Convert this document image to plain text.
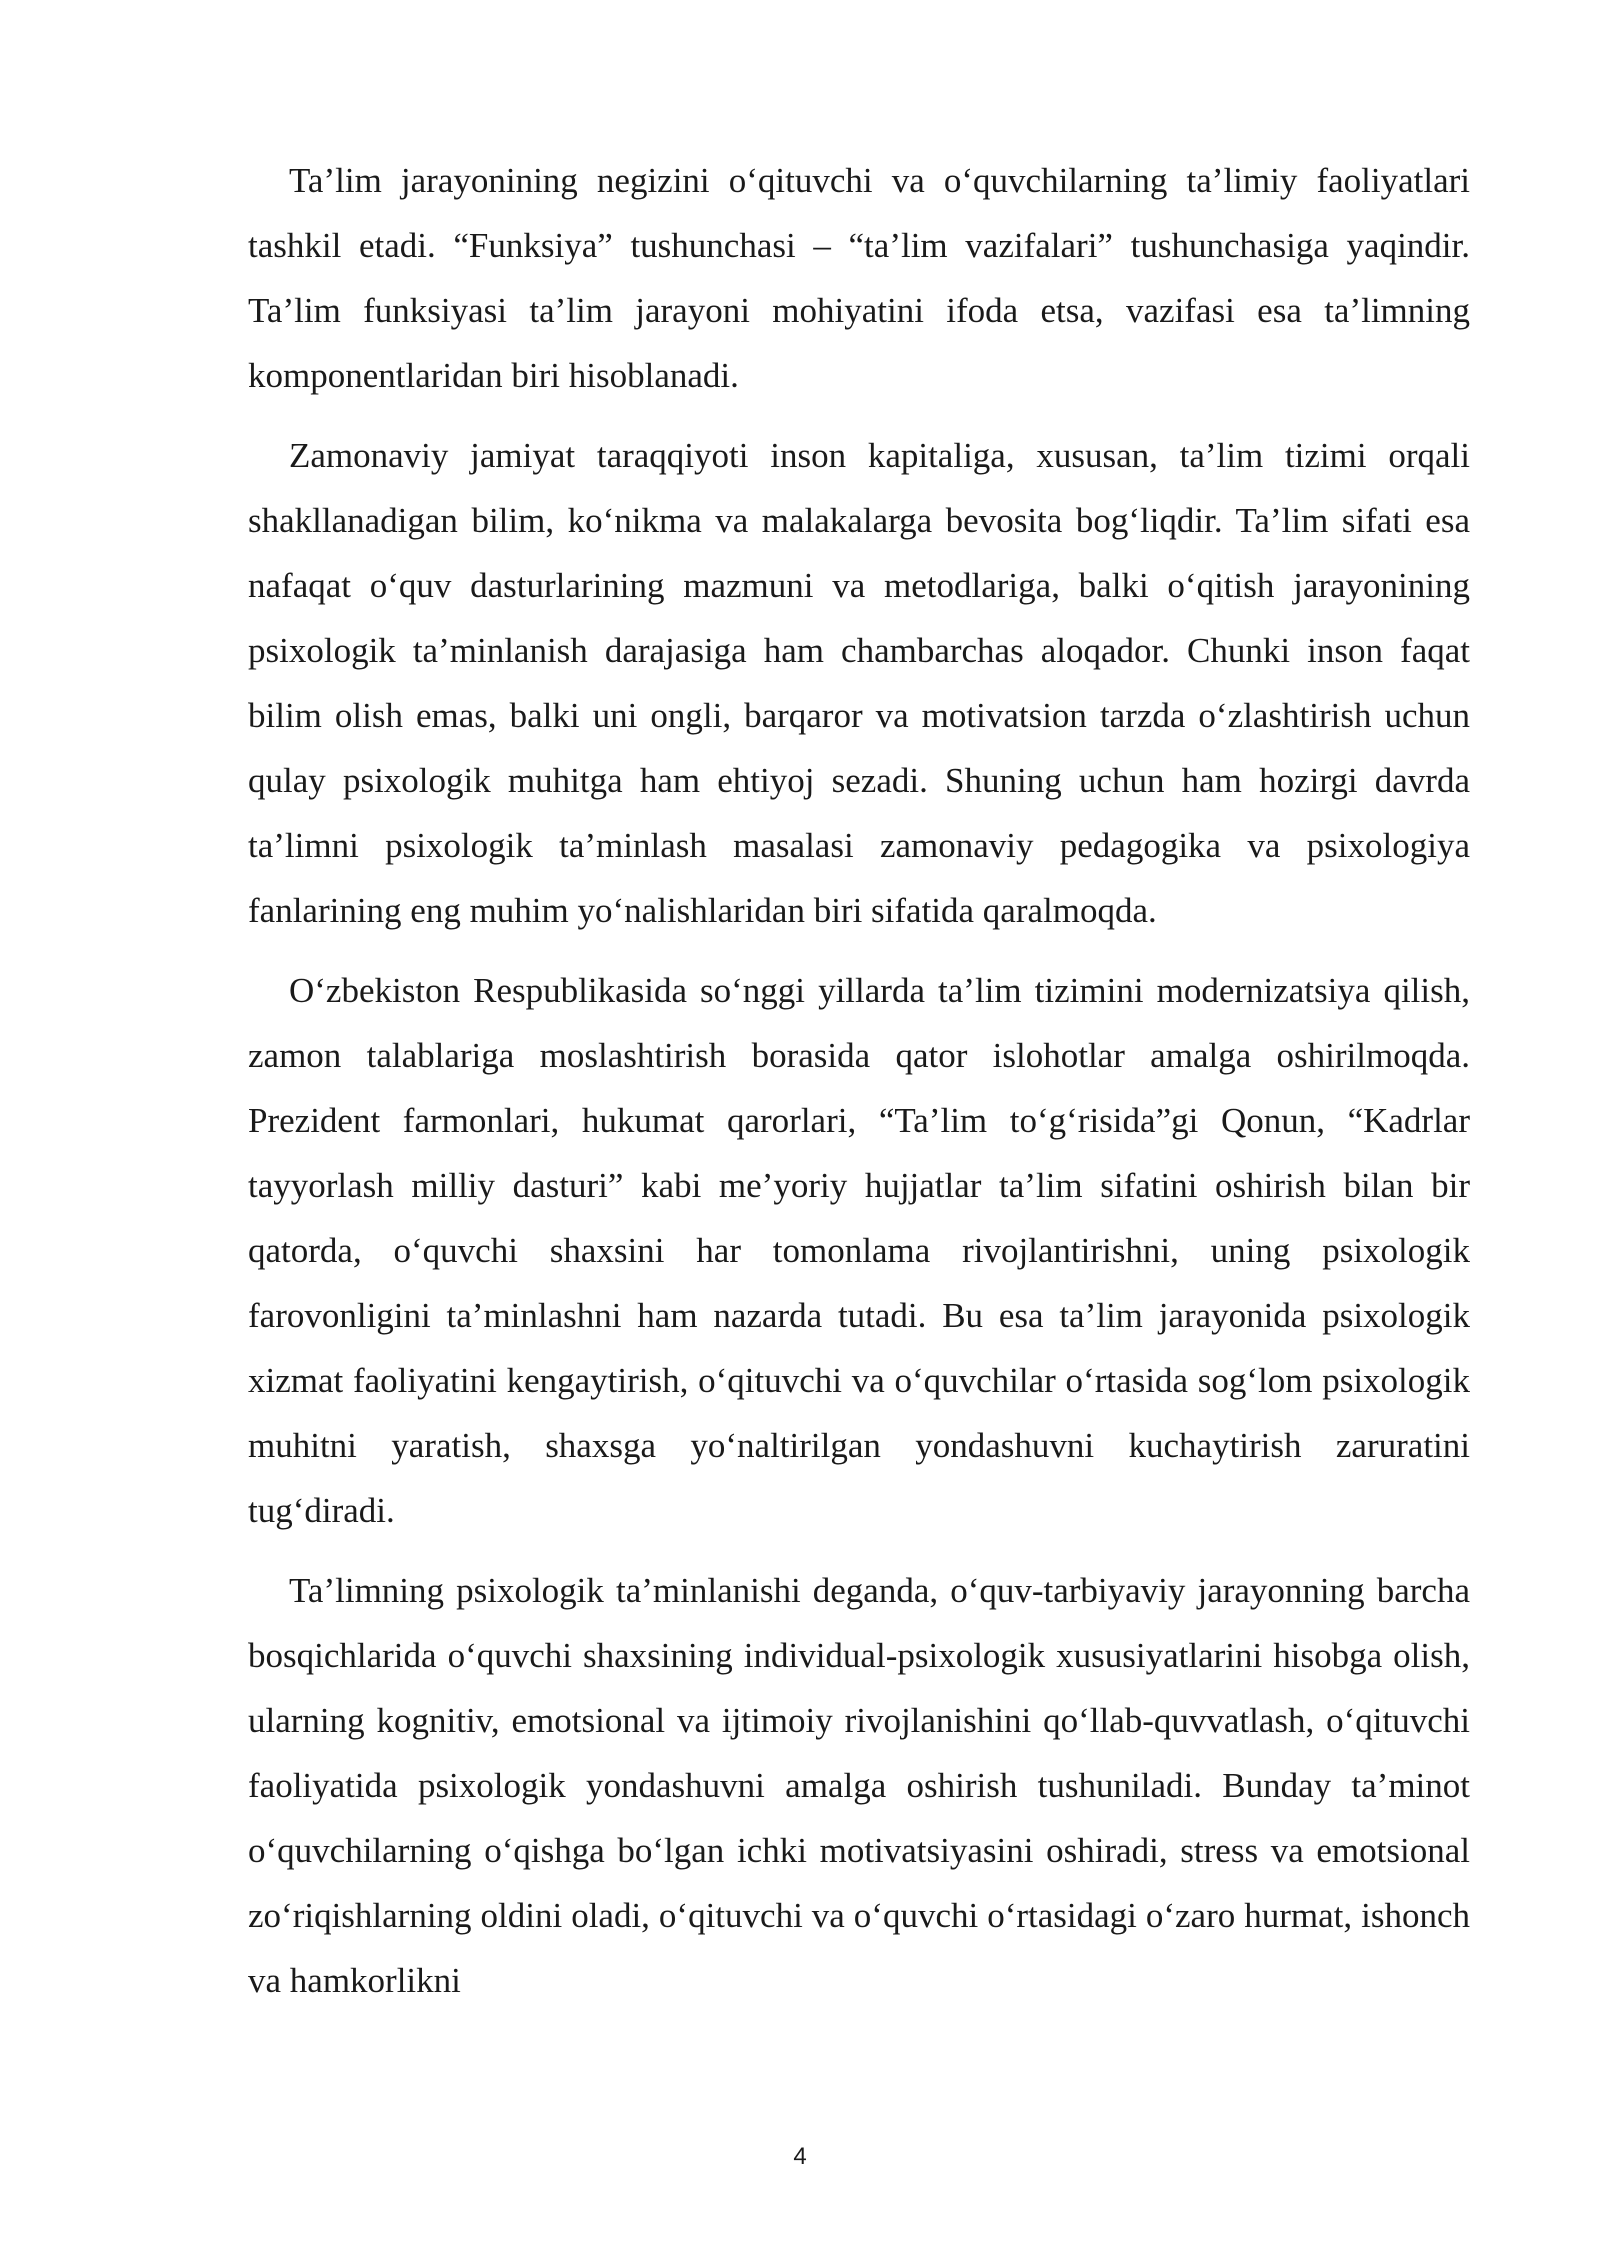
Ta’lim jarayonining negizini o‘qituvchi va o‘quvchilarning ta’limiy faoliyatlari tashkil etadi. “Funksiya” tushunchasi – “ta’lim vazifalari” tushunchasiga yaqindir. Ta’lim funksiyasi ta’lim jarayoni mohiyatini ifoda etsa, vazifasi esa ta’limning komponentlaridan biri hisoblanadi.

Zamonaviy jamiyat taraqqiyoti inson kapitaliga, xususan, ta’lim tizimi orqali shakllanadigan bilim, ko‘nikma va malakalarga bevosita bog‘liqdir. Ta’lim sifati esa nafaqat o‘quv dasturlarining mazmuni va metodlariga, balki o‘qitish jarayonining psixologik ta’minlanish darajasiga ham chambarchas aloqador. Chunki inson faqat bilim olish emas, balki uni ongli, barqaror va motivatsion tarzda o‘zlashtirish uchun qulay psixologik muhitga ham ehtiyoj sezadi. Shuning uchun ham hozirgi davrda ta’limni psixologik ta’minlash masalasi zamonaviy pedagogika va psixologiya fanlarining eng muhim yo‘nalishlaridan biri sifatida qaralmoqda.

O‘zbekiston Respublikasida so‘nggi yillarda ta’lim tizimini modernizatsiya qilish, zamon talablariga moslashtirish borasida qator islohotlar amalga oshirilmoqda. Prezident farmonlari, hukumat qarorlari, “Ta’lim to‘g‘risida”gi Qonun, “Kadrlar tayyorlash milliy dasturi” kabi me’yoriy hujjatlar ta’lim sifatini oshirish bilan bir qatorda, o‘quvchi shaxsini har tomonlama rivojlantirishni, uning psixologik farovonligini ta’minlashni ham nazarda tutadi. Bu esa ta’lim jarayonida psixologik xizmat faoliyatini kengaytirish, o‘qituvchi va o‘quvchilar o‘rtasida sog‘lom psixologik muhitni yaratish, shaxsga yo‘naltirilgan yondashuvni kuchaytirish zaruratini tug‘diradi.

Ta’limning psixologik ta’minlanishi deganda, o‘quv-tarbiyaviy jarayonning barcha bosqichlarida o‘quvchi shaxsining individual-psixologik xususiyatlarini hisobga olish, ularning kognitiv, emotsional va ijtimoiy rivojlanishini qo‘llab-quvvatlash, o‘qituvchi faoliyatida psixologik yondashuvni amalga oshirish tushuniladi. Bunday ta’minot o‘quvchilarning o‘qishga bo‘lgan ichki motivatsiyasini oshiradi, stress va emotsional zo‘riqishlarning oldini oladi, o‘qituvchi va o‘quvchi o‘rtasidagi o‘zaro hurmat, ishonch va hamkorlikni

4
